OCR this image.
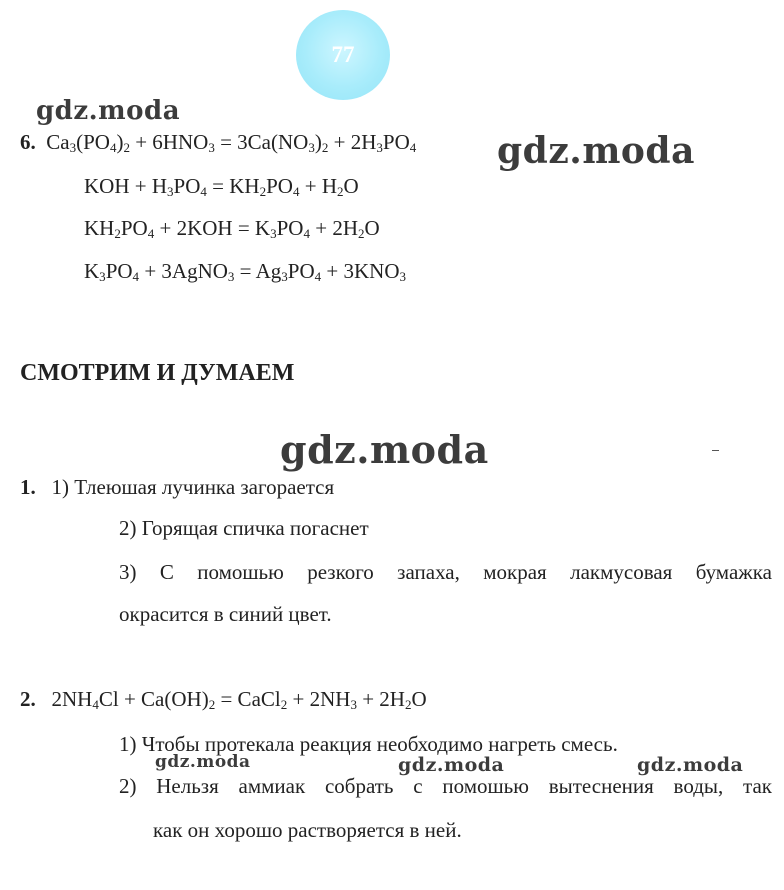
77
6. $Ca_3(PO_4)_2 + 6HNO_3 = 3Ca(NO_3)_2 + 2H_3PO_4$
KOH + $H_3PO_4 = KH_2PO_4 + H_2O$
$KH_2PO_4 + 2KOH = K_3PO_4 + 2H_2O$
$K_3PO_4$ + 3AgNO$_3$ = $Ag_3PO_4 + 3KNO_3$
СМОТРИМ И ДУМАЕМ
1. 1) Тлеюшая лучинка загорается
2) Горящая спичка погаснет
3) С помошью резкого запаха, мокрая лакмусовая бумажка
окрасится в синий цвет.
2. $2NH_4Cl + Ca(OH)_2$ = CaCl$_2$ + $2NH_3 + 2H_2O$
1) Чтобы протекала реакция необходимо нагреть смесь.
2) Нельзя аммиак собрать с помошью вытеснения воды, так
как он хорошо растворяется в ней.
gdz.moda
gdz.moda
gdz.moda
gdz.moda	gdz.moda	gdz.moda
